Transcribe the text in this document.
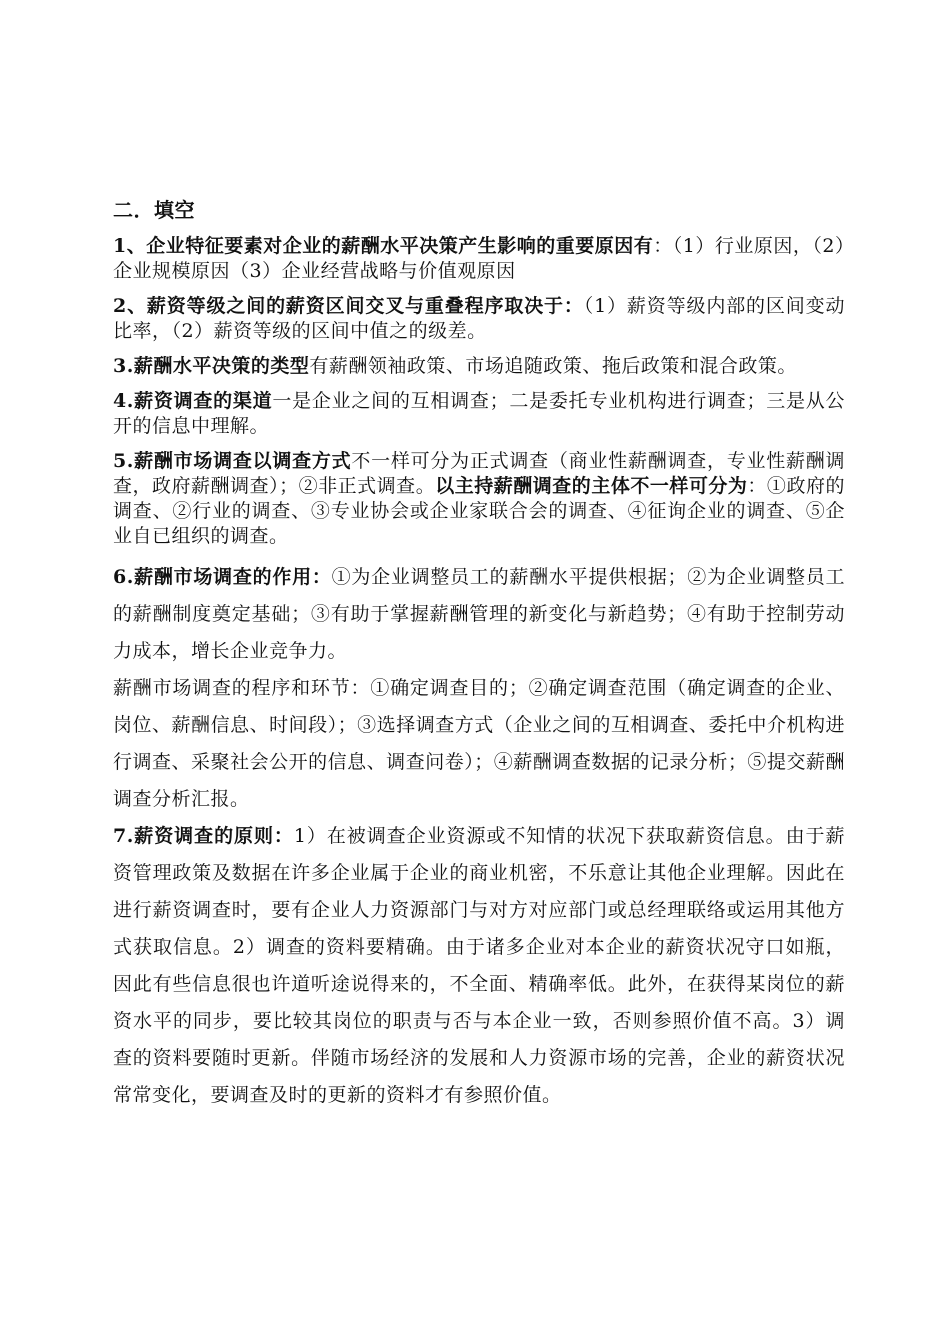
二．填空

1、企业特征要素对企业的薪酬水平决策产生影响的重要原因有：（1）行业原因，（2）企业规模原因（3）企业经营战略与价值观原因

2、薪资等级之间的薪资区间交叉与重叠程序取决于：（1）薪资等级内部的区间变动比率，（2）薪资等级的区间中值之的级差。

3.薪酬水平决策的类型有薪酬领袖政策、市场追随政策、拖后政策和混合政策。

4.薪资调查的渠道一是企业之间的互相调查；二是委托专业机构进行调查；三是从公开的信息中理解。

5.薪酬市场调查以调查方式不一样可分为正式调查（商业性薪酬调查，专业性薪酬调查，政府薪酬调查）；②非正式调查。以主持薪酬调查的主体不一样可分为：①政府的调查、②行业的调查、③专业协会或企业家联合会的调查、④征询企业的调查、⑤企业自已组织的调查。

6.薪酬市场调查的作用：①为企业调整员工的薪酬水平提供根据；②为企业调整员工的薪酬制度奠定基础；③有助于掌握薪酬管理的新变化与新趋势；④有助于控制劳动力成本，增长企业竞争力。

薪酬市场调查的程序和环节：①确定调查目的；②确定调查范围（确定调查的企业、岗位、薪酬信息、时间段）；③选择调查方式（企业之间的互相调查、委托中介机构进行调查、采聚社会公开的信息、调查问卷）；④薪酬调查数据的记录分析；⑤提交薪酬调查分析汇报。

7.薪资调查的原则：1）在被调查企业资源或不知情的状况下获取薪资信息。由于薪资管理政策及数据在许多企业属于企业的商业机密，不乐意让其他企业理解。因此在进行薪资调查时，要有企业人力资源部门与对方对应部门或总经理联络或运用其他方式获取信息。2）调查的资料要精确。由于诸多企业对本企业的薪资状况守口如瓶，因此有些信息很也许道听途说得来的，不全面、精确率低。此外，在获得某岗位的薪资水平的同步，要比较其岗位的职责与否与本企业一致，否则参照价值不高。3）调查的资料要随时更新。伴随市场经济的发展和人力资源市场的完善，企业的薪资状况常常变化，要调查及时的更新的资料才有参照价值。
